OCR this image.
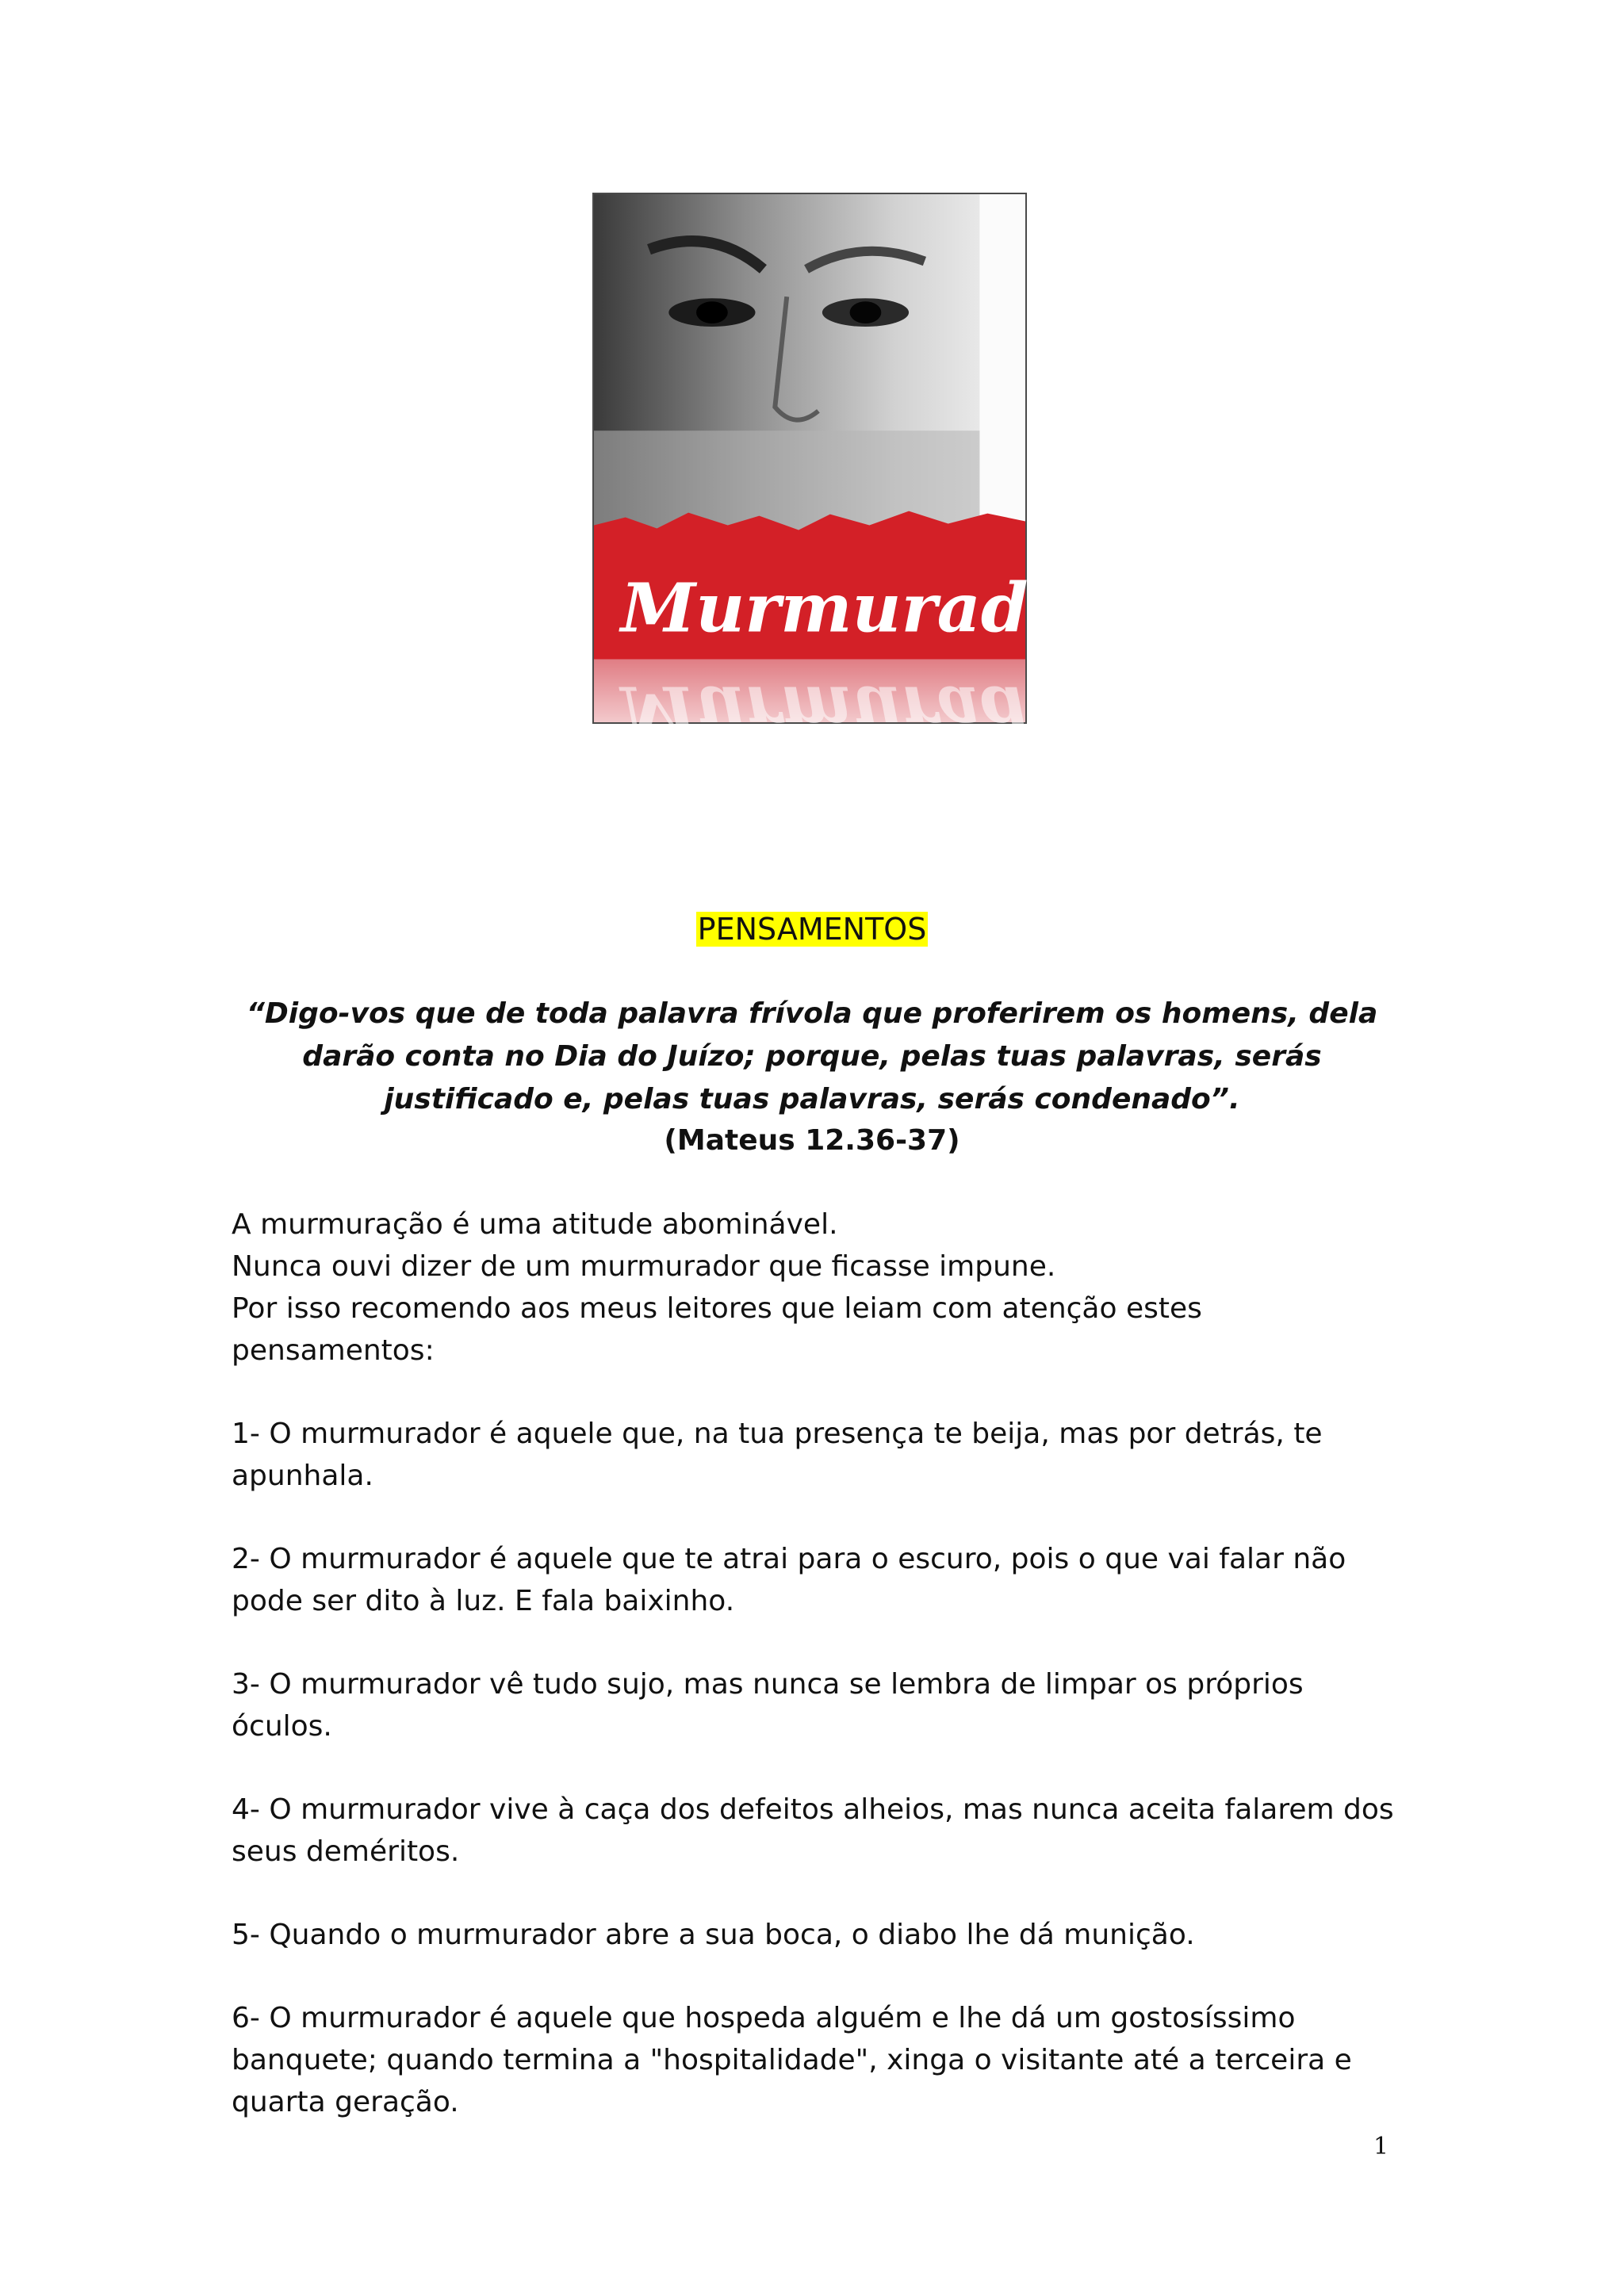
Murmuradores
Murmuradores
PENSAMENTOS
“Digo-vos que de toda palavra frívola que proferirem os homens, dela darão conta no Dia do Juízo; porque, pelas tuas palavras, serás justificado e, pelas tuas palavras, serás condenado”.
(Mateus 12.36-37)

A murmuração é uma atitude abominável.
Nunca ouvi dizer de um murmurador que ficasse impune.
Por isso recomendo aos meus leitores que leiam com atenção estes pensamentos:

1- O murmurador é aquele que, na tua presença te beija, mas por detrás, te apunhala.

2- O murmurador é aquele que te atrai para o escuro, pois o que vai falar não pode ser dito à luz. E fala baixinho.

3- O murmurador vê tudo sujo, mas nunca se lembra de limpar os próprios óculos.

4- O murmurador vive à caça dos defeitos alheios, mas nunca aceita falarem dos seus deméritos.

5- Quando o murmurador abre a sua boca, o diabo lhe dá munição.

6- O murmurador é aquele que hospeda alguém e lhe dá um gostosíssimo banquete; quando termina a "hospitalidade", xinga o visitante até a terceira e quarta geração.

1
